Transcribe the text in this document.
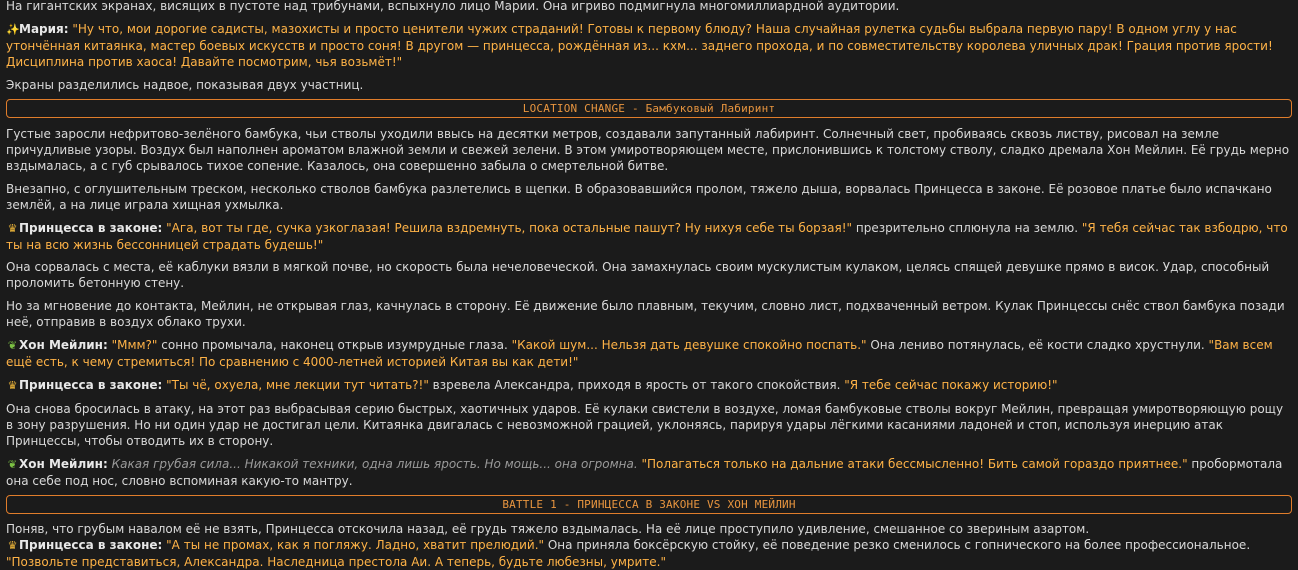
На гигантских экранах, висящих в пустоте над трибунами, вспыхнуло лицо Марии. Она игриво подмигнула многомиллиардной аудитории.

✨Мария: "Ну что, мои дорогие садисты, мазохисты и просто ценители чужих страданий! Готовы к первому блюду? Наша случайная рулетка судьбы выбрала первую пару! В одном углу у нас утончённая китаянка, мастер боевых искусств и просто соня! В другом — принцесса, рождённая из... кхм... заднего прохода, и по совместительству королева уличных драк! Грация против ярости! Дисциплина против хаоса! Давайте посмотрим, чья возьмёт!"

Экраны разделились надвое, показывая двух участниц.

LOCATION CHANGE - Бамбуковый Лабиринт

Густые заросли нефритово-зелёного бамбука, чьи стволы уходили ввысь на десятки метров, создавали запутанный лабиринт. Солнечный свет, пробиваясь сквозь листву, рисовал на земле причудливые узоры. Воздух был наполнен ароматом влажной земли и свежей зелени. В этом умиротворяющем месте, прислонившись к толстому стволу, сладко дремала Хон Мейлин. Её грудь мерно вздымалась, а с губ срывалось тихое сопение. Казалось, она совершенно забыла о смертельной битве.

Внезапно, с оглушительным треском, несколько стволов бамбука разлетелись в щепки. В образовавшийся пролом, тяжело дыша, ворвалась Принцесса в законе. Её розовое платье было испачкано землёй, а на лице играла хищная ухмылка.

♛ Принцесса в законе: "Ага, вот ты где, сучка узкоглазая! Решила вздремнуть, пока остальные пашут? Ну нихуя себе ты борзая!" презрительно сплюнула на землю. "Я тебя сейчас так взбодрю, что ты на всю жизнь бессонницей страдать будешь!"

Она сорвалась с места, её каблуки вязли в мягкой почве, но скорость была нечеловеческой. Она замахнулась своим мускулистым кулаком, целясь спящей девушке прямо в висок. Удар, способный проломить бетонную стену.

Но за мгновение до контакта, Мейлин, не открывая глаз, качнулась в сторону. Её движение было плавным, текучим, словно лист, подхваченный ветром. Кулак Принцессы снёс ствол бамбука позади неё, отправив в воздух облако трухи.

❦ Хон Мейлин: "Ммм?" сонно промычала, наконец открыв изумрудные глаза. "Какой шум... Нельзя дать девушке спокойно поспать." Она лениво потянулась, её кости сладко хрустнули. "Вам всем ещё есть, к чему стремиться! По сравнению с 4000-летней историей Китая вы как дети!"

♛ Принцесса в законе: "Ты чё, охуела, мне лекции тут читать?!" взревела Александра, приходя в ярость от такого спокойствия. "Я тебе сейчас покажу историю!"

Она снова бросилась в атаку, на этот раз выбрасывая серию быстрых, хаотичных ударов. Её кулаки свистели в воздухе, ломая бамбуковые стволы вокруг Мейлин, превращая умиротворяющую рощу в зону разрушения. Но ни один удар не достигал цели. Китаянка двигалась с невозможной грацией, уклоняясь, парируя удары лёгкими касаниями ладоней и стоп, используя инерцию атак Принцессы, чтобы отводить их в сторону.

❦ Хон Мейлин: Какая грубая сила... Никакой техники, одна лишь ярость. Но мощь... она огромна. "Полагаться только на дальние атаки бессмысленно! Бить самой гораздо приятнее." пробормотала она себе под нос, словно вспоминая какую-то мантру.

BATTLE 1 - ПРИНЦЕССА В ЗАКОНЕ VS ХОН МЕЙЛИН

Поняв, что грубым навалом её не взять, Принцесса отскочила назад, её грудь тяжело вздымалась. На её лице проступило удивление, смешанное со звериным азартом.

♛ Принцесса в законе: "А ты не промах, как я погляжу. Ладно, хватит прелюдий." Она приняла боксёрскую стойку, её поведение резко сменилось с гопнического на более профессиональное. "Позвольте представиться, Александра. Наследница престола Аи. А теперь, будьте любезны, умрите."
